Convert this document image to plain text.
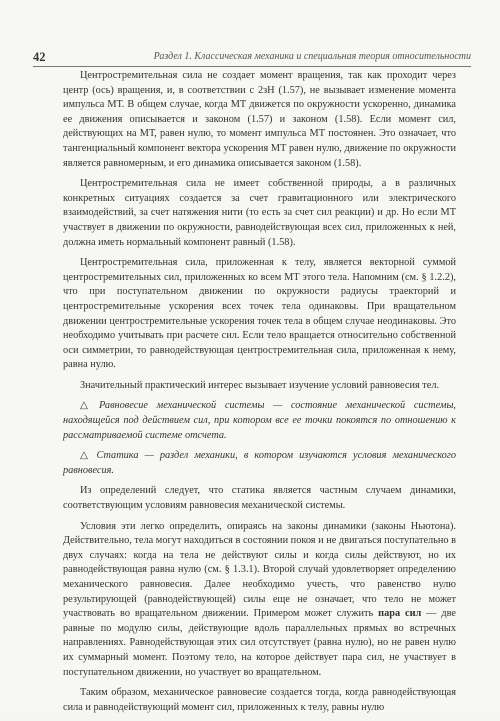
42	Раздел 1. Классическая механика и специальная теория относительности

Центростремительная сила не создает момент вращения, так как проходит через центр (ось) вращения, и, в соответствии с 2зН (1.57), не вызывает изменение момента импульса МТ. В общем случае, когда МТ движется по окружности ускоренно, динамика ее движения описывается и законом (1.57) и законом (1.58). Если момент сил, действующих на МТ, равен нулю, то момент импульса МТ постоянен. Это означает, что тангенциальный компонент вектора ускорения МТ равен нулю, движение по окружности является равномерным, и его динамика описывается законом (1.58).

Центростремительная сила не имеет собственной природы, а в различных конкретных ситуациях создается за счет гравитационного или электрического взаимодействий, за счет натяжения нити (то есть за счет сил реакции) и др. Но если МТ участвует в движении по окружности, равнодействующая всех сил, приложенных к ней, должна иметь нормальный компонент равный (1.58).

Центростремительная сила, приложенная к телу, является векторной суммой центростремительных сил, приложенных ко всем МТ этого тела. Напомним (см. § 1.2.2), что при поступательном движении по окружности радиусы траекторий и центростремительные ускорения всех точек тела одинаковы. При вращательном движении центростремительные ускорения точек тела в общем случае неодинаковы. Это необходимо учитывать при расчете сил. Если тело вращается относительно собственной оси симметрии, то равнодействующая центростремительная сила, приложенная к нему, равна нулю.

Значительный практический интерес вызывает изучение условий равновесия тел.

△ Равновесие механической системы — состояние механической системы, находящейся под действием сил, при котором все ее точки покоятся по отношению к рассматриваемой системе отсчета.

△ Статика — раздел механики, в котором изучаются условия механического равновесия.

Из определений следует, что статика является частным случаем динамики, соответствующим условиям равновесия механической системы.

Условия эти легко определить, опираясь на законы динамики (законы Ньютона). Действительно, тела могут находиться в состоянии покоя и не двигаться поступательно в двух случаях: когда на тела не действуют силы и когда силы действуют, но их равнодействующая равна нулю (см. § 1.3.1). Второй случай удовлетворяет определению механического равновесия. Далее необходимо учесть, что равенство нулю результирующей (равнодействующей) силы еще не означает, что тело не может участвовать во вращательном движении. Примером может служить пара сил — две равные по модулю силы, действующие вдоль параллельных прямых во встречных направлениях. Равнодействующая этих сил отсутствует (равна нулю), но не равен нулю их суммарный момент. Поэтому тело, на которое действует пара сил, не участвует в поступательном движении, но участвует во вращательном.

Таким образом, механическое равновесие создается тогда, когда равнодействующая сила и равнодействующий момент сил, приложенных к телу, равны нулю
